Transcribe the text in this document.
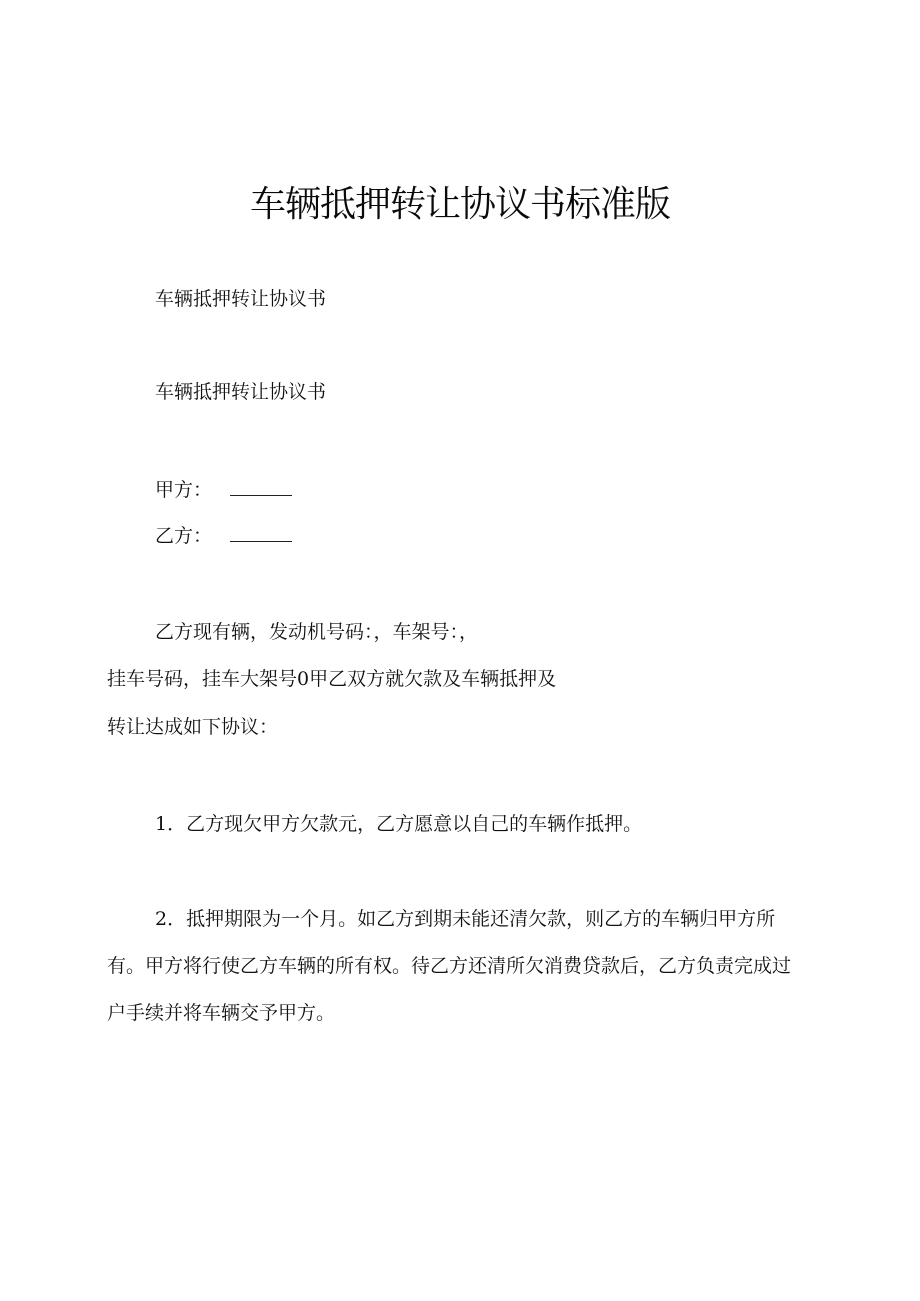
车辆抵押转让协议书标准版
车辆抵押转让协议书
车辆抵押转让协议书
甲方：
乙方：
乙方现有辆，发动机号码：，车架号：，
挂车号码，挂车大架号0甲乙双方就欠款及车辆抵押及
转让达成如下协议：
1．乙方现欠甲方欠款元，乙方愿意以自己的车辆作抵押。
2．抵押期限为一个月。如乙方到期未能还清欠款，则乙方的车辆归甲方所
有。甲方将行使乙方车辆的所有权。待乙方还清所欠消费贷款后，乙方负责完成过
户手续并将车辆交予甲方。
